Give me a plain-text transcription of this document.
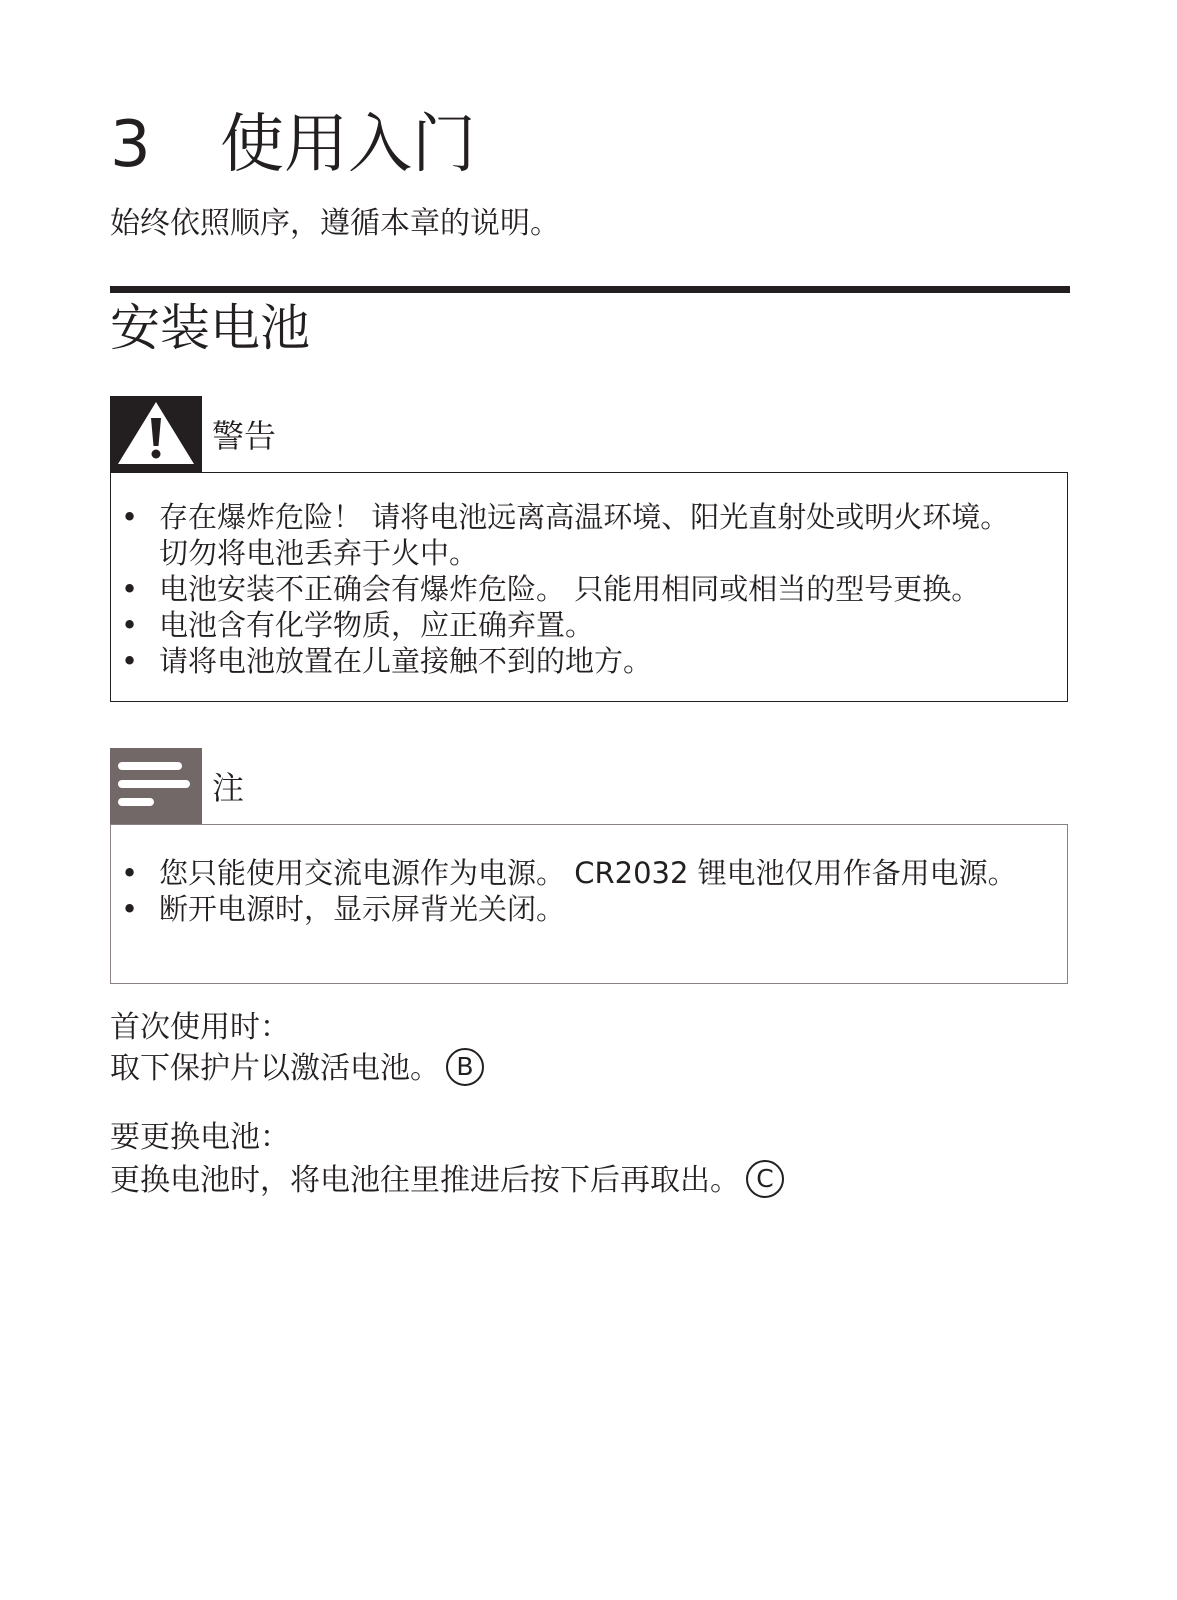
3 使用入门
始终依照顺序，遵循本章的说明。
安装电池
警告
• 存在爆炸危险！ 请将电池远离高温环境、阳光直射处或明火环境。 切勿将电池丢弃于火中。
• 电池安装不正确会有爆炸危险。 只能用相同或相当的型号更换。
• 电池含有化学物质，应正确弃置。
• 请将电池放置在儿童接触不到的地方。
注
• 您只能使用交流电源作为电源。 CR2032 锂电池仅用作备用电源。
• 断开电源时，显示屏背光关闭。
首次使用时：
取下保护片以激活电池。 B
要更换电池：
更换电池时，将电池往里推进后按下后再取出。 C
